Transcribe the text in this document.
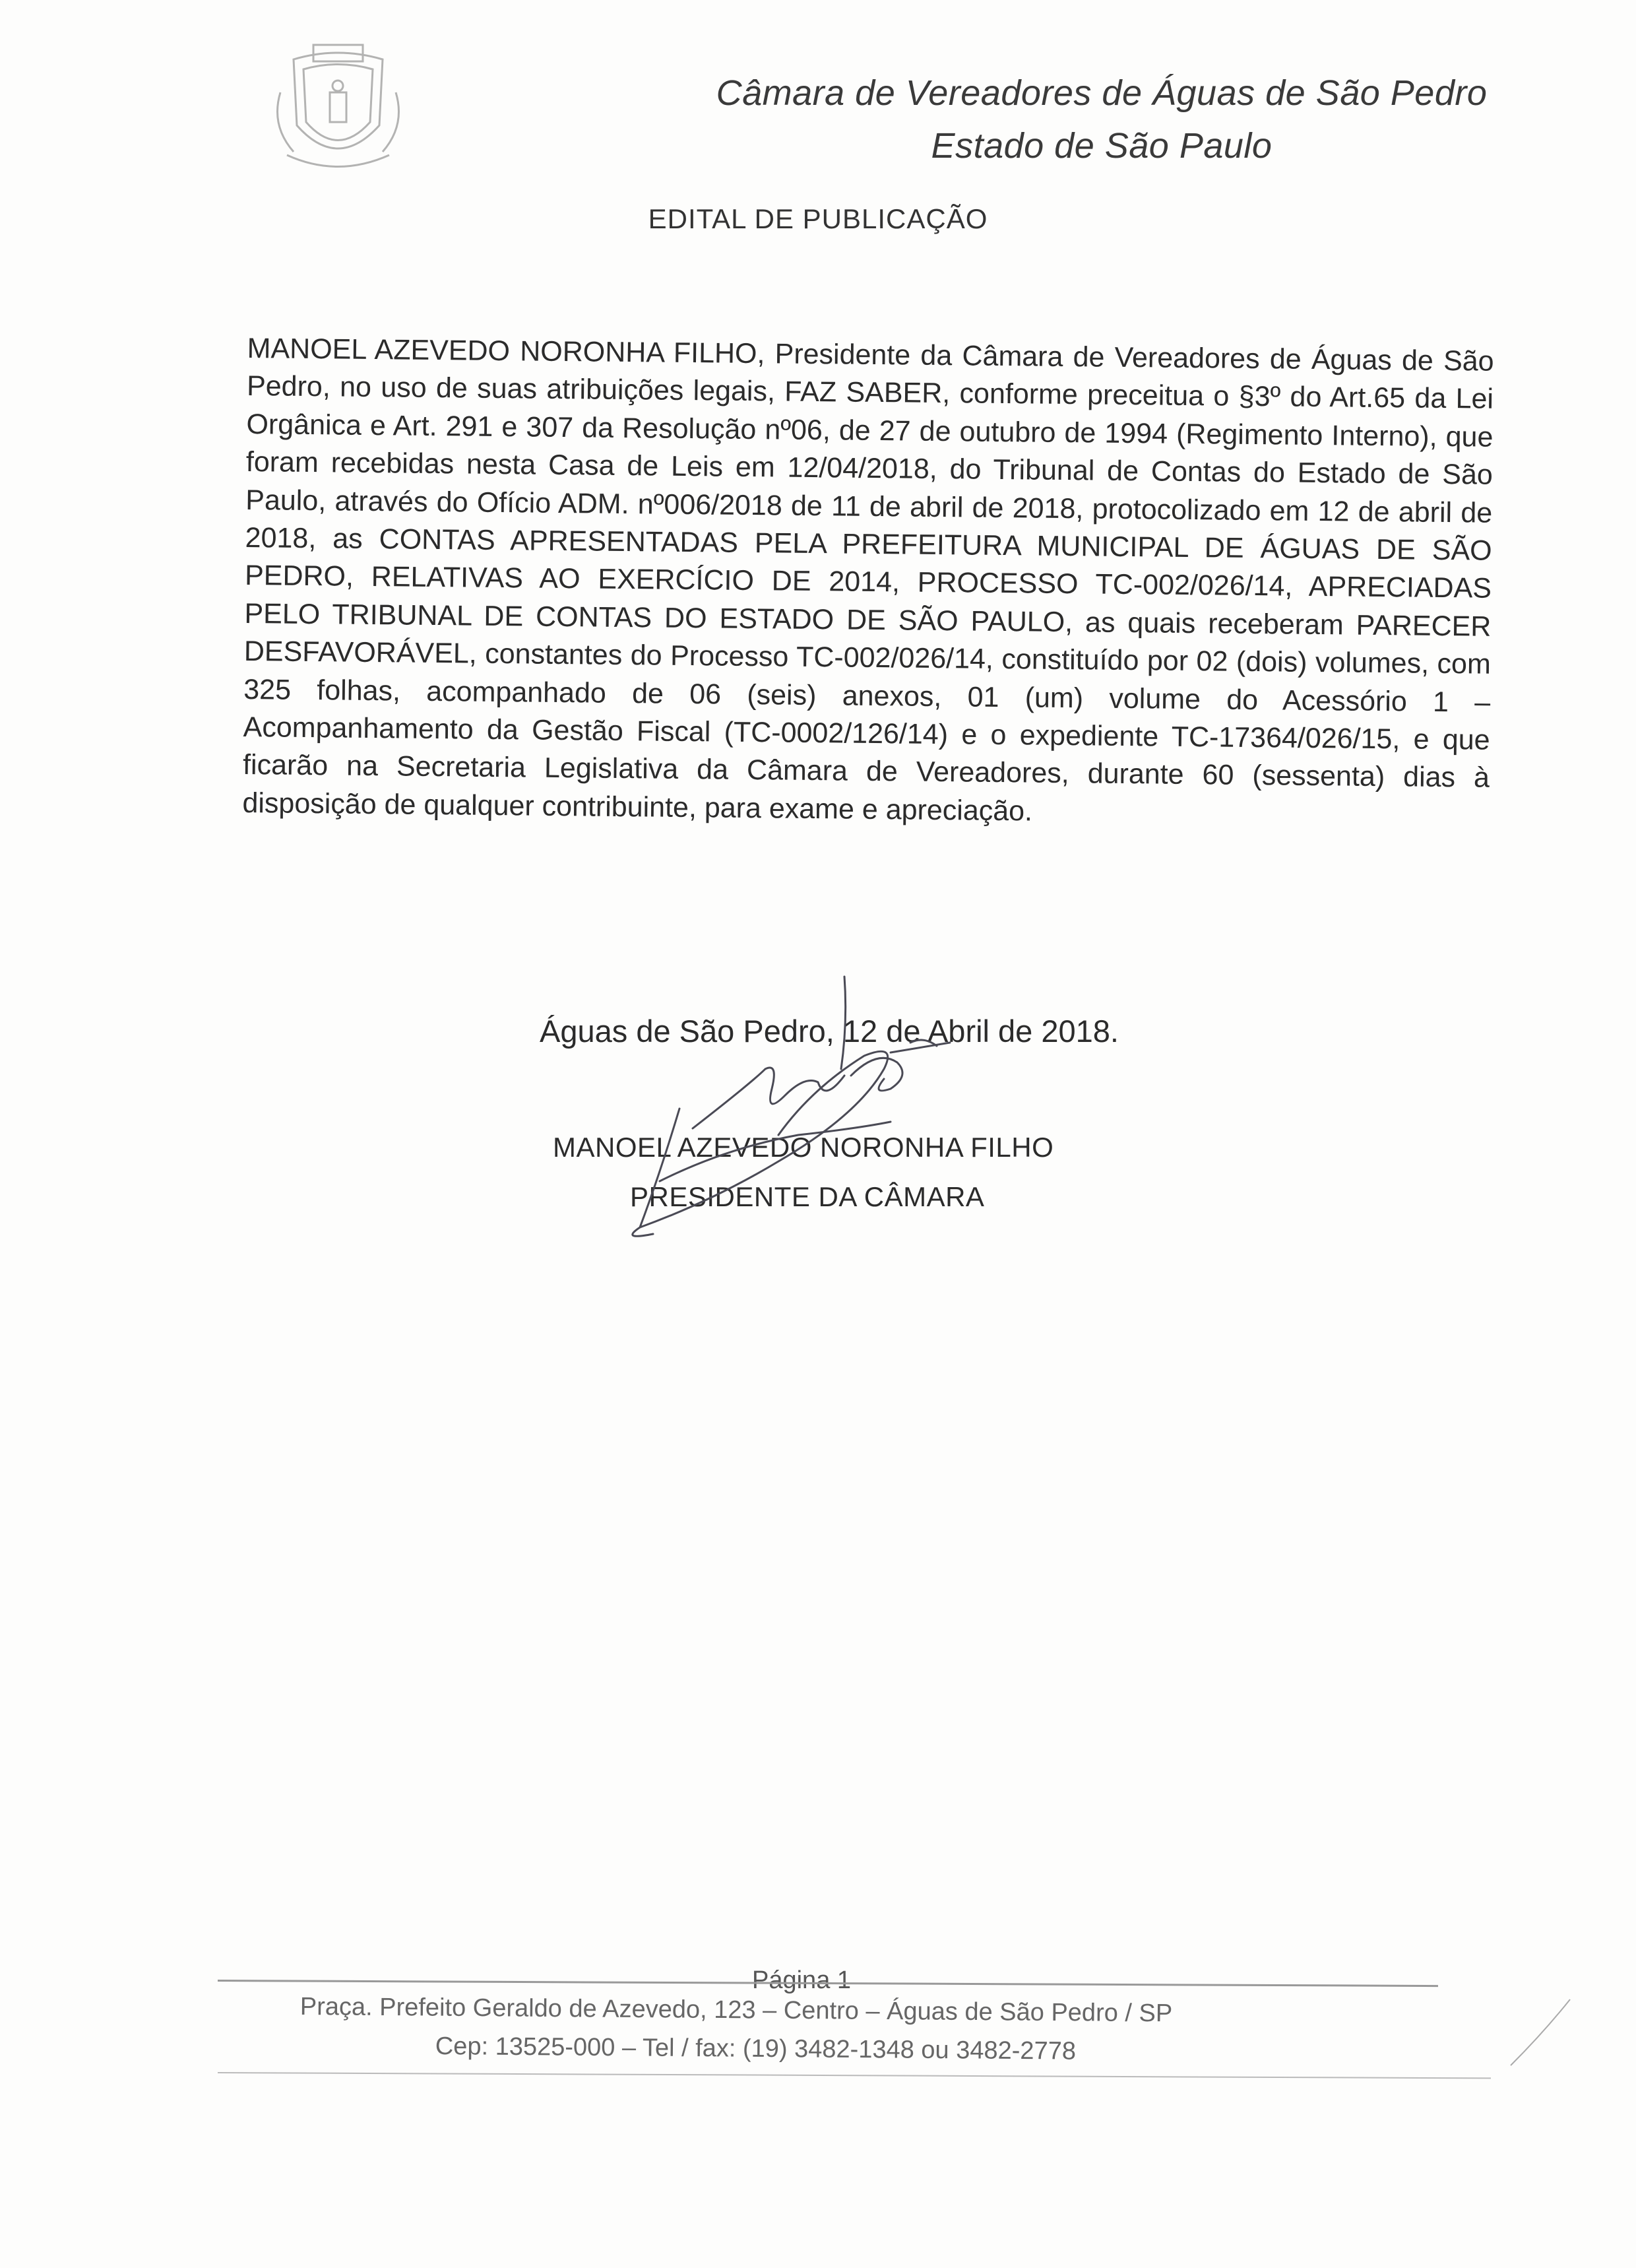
Câmara de Vereadores de Águas de São Pedro
Estado de São Paulo
EDITAL DE PUBLICAÇÃO
MANOEL AZEVEDO NORONHA FILHO, Presidente da Câmara de Vereadores de Águas de São Pedro, no uso de suas atribuições legais, FAZ SABER, conforme preceitua o §3º do Art.65 da Lei Orgânica e Art. 291 e 307 da Resolução nº06, de 27 de outubro de 1994 (Regimento Interno), que foram recebidas nesta Casa de Leis em 12/04/2018, do Tribunal de Contas do Estado de São Paulo, através do Ofício ADM. nº006/2018 de 11 de abril de 2018, protocolizado em 12 de abril de 2018, as CONTAS APRESENTADAS PELA PREFEITURA MUNICIPAL DE ÁGUAS DE SÃO PEDRO, RELATIVAS AO EXERCÍCIO DE 2014, PROCESSO TC-002/026/14, APRECIADAS PELO TRIBUNAL DE CONTAS DO ESTADO DE SÃO PAULO, as quais receberam PARECER DESFAVORÁVEL, constantes do Processo TC-002/026/14, constituído por 02 (dois) volumes, com 325 folhas, acompanhado de 06 (seis) anexos, 01 (um) volume do Acessório 1 – Acompanhamento da Gestão Fiscal (TC-0002/126/14) e o expediente TC-17364/026/15, e que ficarão na Secretaria Legislativa da Câmara de Vereadores, durante 60 (sessenta) dias à disposição de qualquer contribuinte, para exame e apreciação.
Águas de São Pedro, 12 de Abril de 2018.
MANOEL AZEVEDO NORONHA FILHO
PRESIDENTE DA CÂMARA
Página 1
Praça. Prefeito Geraldo de Azevedo, 123 – Centro – Águas de São Pedro / SP
Cep: 13525-000 – Tel / fax: (19) 3482-1348 ou 3482-2778
